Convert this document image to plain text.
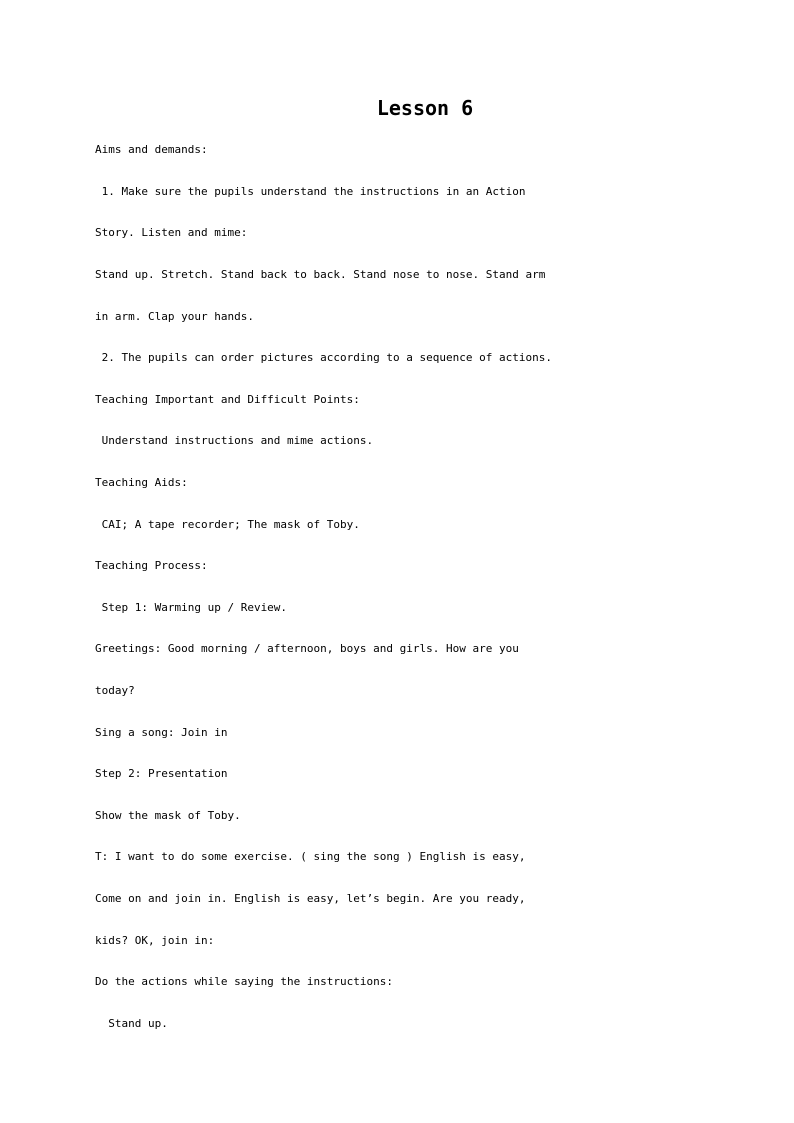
Lesson 6
Aims and demands:
1. Make sure the pupils understand the instructions in an Action
Story. Listen and mime:
Stand up. Stretch. Stand back to back. Stand nose to nose. Stand arm
in arm. Clap your hands.
2. The pupils can order pictures according to a sequence of actions.
Teaching Important and Difficult Points:
Understand instructions and mime actions.
Teaching Aids:
CAI; A tape recorder; The mask of Toby.
Teaching Process:
Step 1: Warming up / Review.
Greetings: Good morning / afternoon, boys and girls. How are you
today?
Sing a song: Join in
Step 2: Presentation
Show the mask of Toby.
T: I want to do some exercise. ( sing the song ) English is easy,
Come on and join in. English is easy, let’s begin. Are you ready,
kids? OK, join in:
Do the actions while saying the instructions:
Stand up.
